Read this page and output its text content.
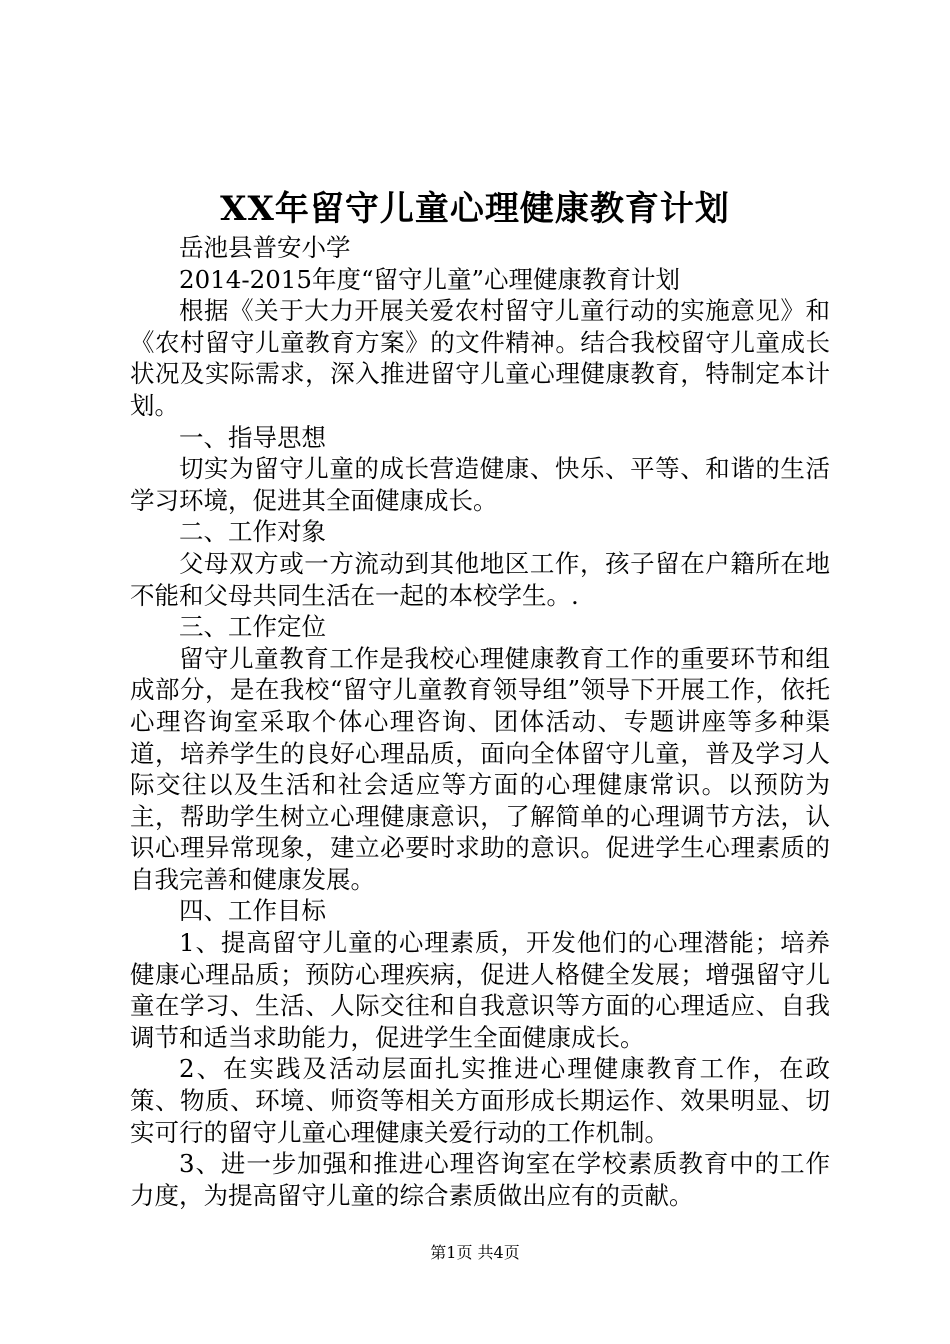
XX年留守儿童心理健康教育计划

岳池县普安小学

2014-2015年度“留守儿童”心理健康教育计划

根据《关于大力开展关爱农村留守儿童行动的实施意见》和《农村留守儿童教育方案》的文件精神。结合我校留守儿童成长状况及实际需求，深入推进留守儿童心理健康教育，特制定本计划。

一、指导思想

切实为留守儿童的成长营造健康、快乐、平等、和谐的生活学习环境，促进其全面健康成长。

二、工作对象

父母双方或一方流动到其他地区工作，孩子留在户籍所在地不能和父母共同生活在一起的本校学生。.

三、工作定位

留守儿童教育工作是我校心理健康教育工作的重要环节和组成部分，是在我校“留守儿童教育领导组”领导下开展工作，依托心理咨询室采取个体心理咨询、团体活动、专题讲座等多种渠道，培养学生的良好心理品质，面向全体留守儿童，普及学习人际交往以及生活和社会适应等方面的心理健康常识。以预防为主，帮助学生树立心理健康意识，了解简单的心理调节方法，认识心理异常现象，建立必要时求助的意识。促进学生心理素质的自我完善和健康发展。

四、工作目标

1、提高留守儿童的心理素质，开发他们的心理潜能；培养健康心理品质；预防心理疾病，促进人格健全发展；增强留守儿童在学习、生活、人际交往和自我意识等方面的心理适应、自我调节和适当求助能力，促进学生全面健康成长。

2、在实践及活动层面扎实推进心理健康教育工作，在政策、物质、环境、师资等相关方面形成长期运作、效果明显、切实可行的留守儿童心理健康关爱行动的工作机制。

3、进一步加强和推进心理咨询室在学校素质教育中的工作力度，为提高留守儿童的综合素质做出应有的贡献。

第1页 共4页
